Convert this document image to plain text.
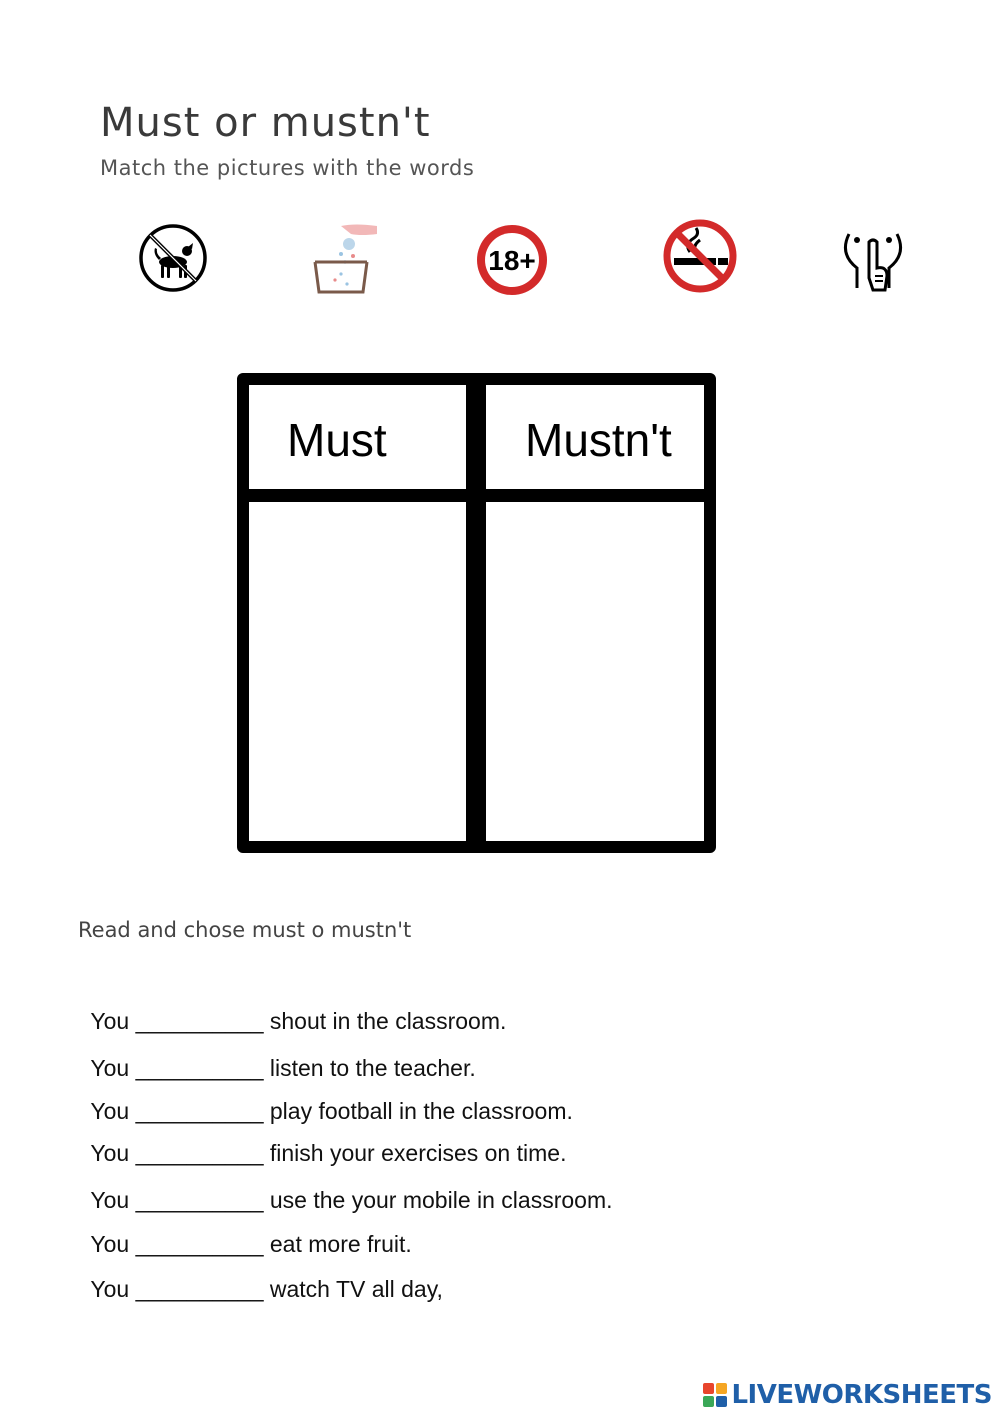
Must or mustn't

Match the pictures with the words

18+
Must	Mustn't

Read and chose must o mustn't

You __________ shout in the classroom.

You __________ listen to the teacher.

You __________ play football in the classroom.

You __________ finish your exercises on time.

You __________ use the your mobile in classroom.

You __________ eat more fruit.

You __________ watch TV all day,

LIVEWORKSHEETS
